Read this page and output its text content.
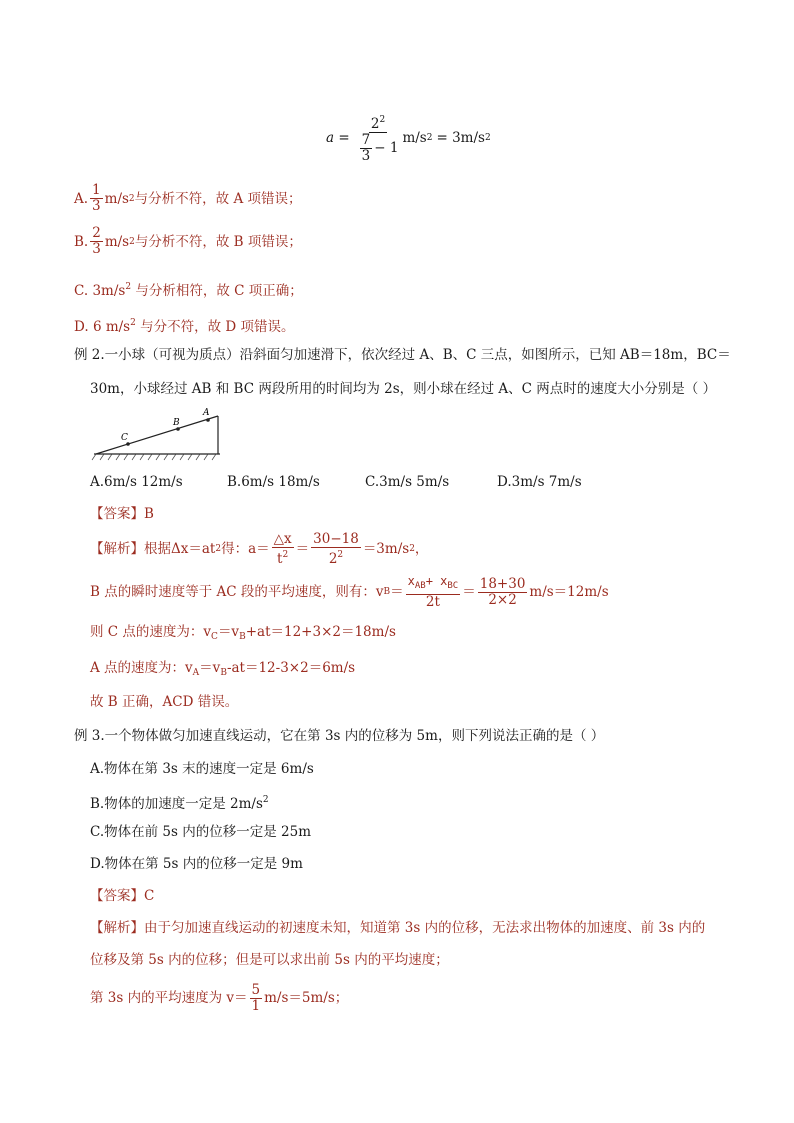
$a = \frac{2^2}{\frac{7}{3} - 1} m/s$ 2 = 3m/s 2
A. $\frac{1}{3} m/s$ 2 与分析不符，故 A 项错误；
B. $\frac{2}{3} m/s$ 2 与分析不符，故 B 项错误；
C. $3m/s^2$ 与分析相符，故 C 项正确；
D. 6 $m/s^2$ 与分不符，故 D 项错误。
例 2.一小球（可视为质点）沿斜面匀加速滑下，依次经过 A、B、C 三点，如图所示，已知 AB＝18m，BC＝
30m，小球经过 AB 和 BC 两段所用的时间均为 2s，则小球在经过 A、C 两点时的速度大小分别是（ ）
C
B
A
A.6m/s 12m/s	B.6m/s 18m/s	C.3m/s 5m/s	D.3m/s 7m/s
【答案】B
【解析】 根据 Δx＝at 2 得：$a= \frac{\triangle x}{t^2} = \frac{30-18}{2^2} =3m/s$ 2 ，
B 点的瞬时速度等于 AC 段的平均速度，则有：v $B = \frac{x_{AB}+ x_{BC}}{2t} = \frac{18+30}{2\times 2} m/s=12m/s$
则 C 点的速度为：$v_C=v_B+at=12+3\times 2=18m/s$
A 点的速度为：$v_A=v_B-at=12-3\times 2=6m/s$
故 B 正确，ACD 错误。
例 3.一个物体做匀加速直线运动，它在第 3s 内的位移为 5m，则下列说法正确的是（ ）
A.物体在第 3s 末的速度一定是 6m/s
B.物体的加速度一定是 $2m/s^2$
C.物体在前 5s 内的位移一定是 25m
D.物体在第 5s 内的位移一定是 9m
【答案】C
【解析】由于匀加速直线运动的初速度未知，知道第 3s 内的位移，无法求出物体的加速度、前 3s 内的
位移及第 5s 内的位移；但是可以求出前 5s 内的平均速度；
第 3s 内的平均速度为 $v= \frac{5}{1} m/s=5m/s$；
